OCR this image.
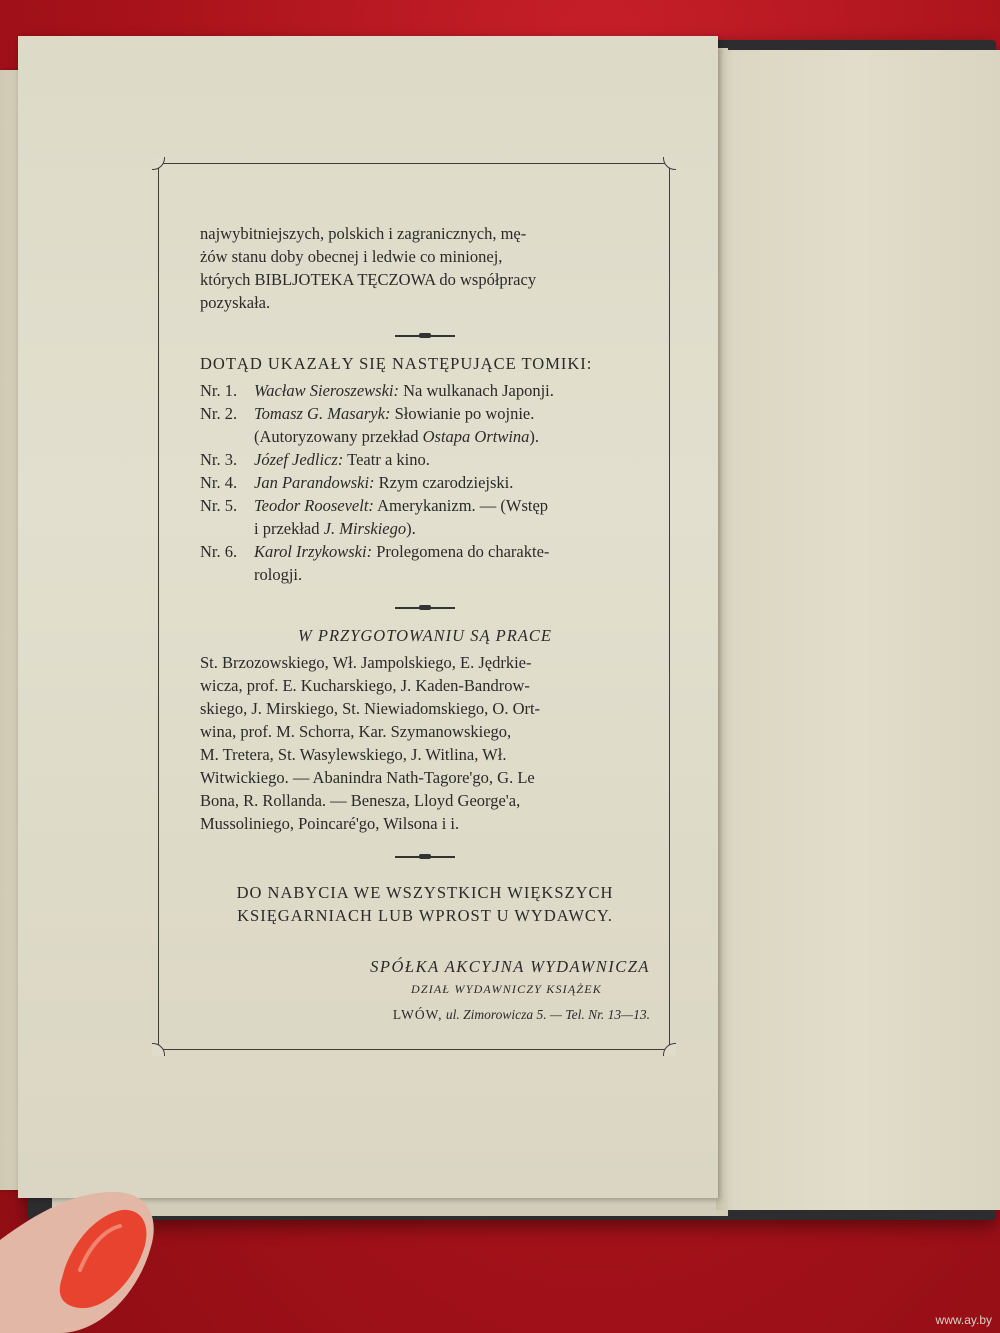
najwybitniejszych, polskich i zagranicznych, mę-

żów stanu doby obecnej i ledwie co minionej,

których BIBLJOTEKA TĘCZOWA do współpracy

pozyskała.

DOTĄD UKAZAŁY SIĘ NASTĘPUJĄCE TOMIKI:

Nr. 1.	Wacław Sieroszewski: Na wulkanach Japonji.
Nr. 2.	Tomasz G. Masaryk: Słowianie po wojnie.
(Autoryzowany przekład Ostapa Ortwina).
Nr. 3.	Józef Jedlicz: Teatr a kino.
Nr. 4.	Jan Parandowski: Rzym czarodziejski.
Nr. 5.	Teodor Roosevelt: Amerykanizm. — (Wstęp
i przekład J. Mirskiego).
Nr. 6.	Karol Irzykowski: Prolegomena do charakte-
rologji.

W PRZYGOTOWANIU SĄ PRACE

St. Brzozowskiego, Wł. Jampolskiego, E. Jędrkie-

wicza, prof. E. Kucharskiego, J. Kaden-Bandrow-

skiego, J. Mirskiego, St. Niewiadomskiego, O. Ort-

wina, prof. M. Schorra, Kar. Szymanowskiego,

M. Tretera, St. Wasylewskiego, J. Witlina, Wł.

Witwickiego. — Abanindra Nath-Tagore'go, G. Le

Bona, R. Rollanda. — Benesza, Lloyd George'a,

Mussoliniego, Poincaré'go, Wilsona i i.

DO NABYCIA WE WSZYSTKICH WIĘKSZYCH

KSIĘGARNIACH LUB WPROST U WYDAWCY.

SPÓŁKA AKCYJNA WYDAWNICZA

DZIAŁ WYDAWNICZY KSIĄŻEK

LWÓW, ul. Zimorowicza 5. — Tel. Nr. 13—13.

www.ay.by
